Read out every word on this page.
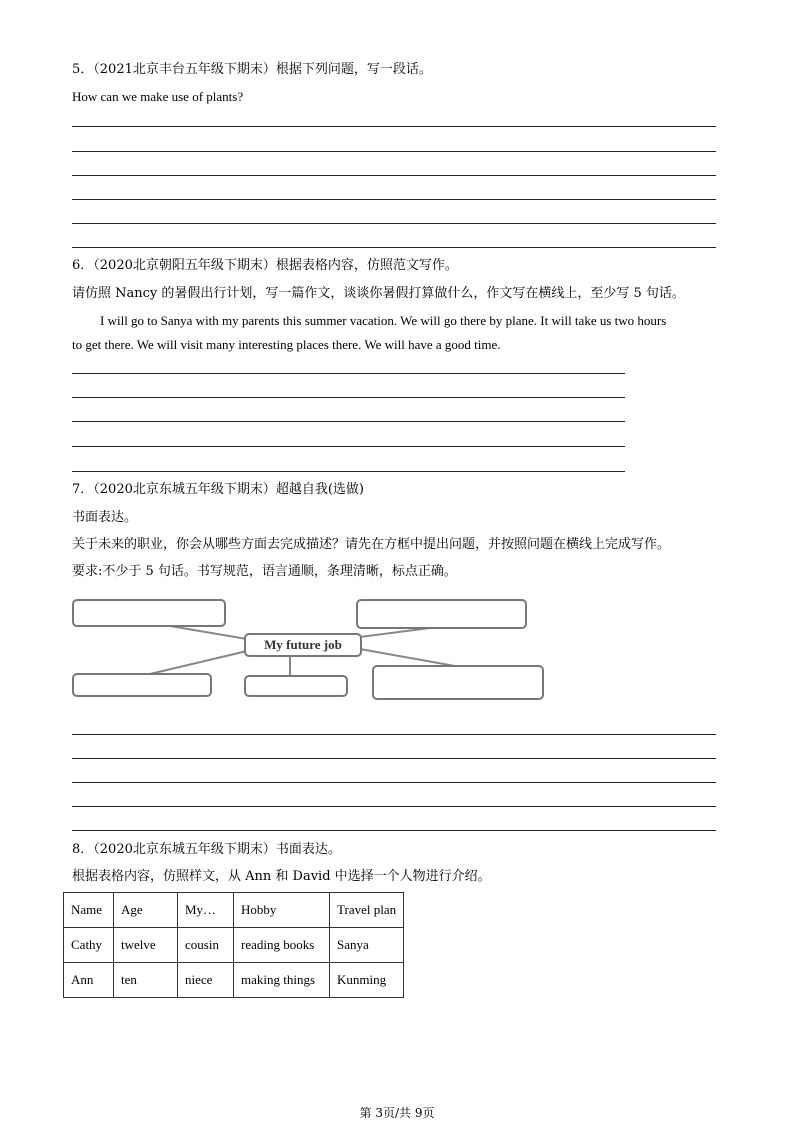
5．（2021北京丰台五年级下期末）根据下列问题，写一段话。
How can we make use of plants?
6．（2020北京朝阳五年级下期末）根据表格内容，仿照范文写作。
请仿照 Nancy 的暑假出行计划，写一篇作文，谈谈你暑假打算做什么，作文写在横线上，至少写 5 句话。
I will go to Sanya with my parents this summer vacation. We will go there by plane. It will take us two hours
to get there. We will visit many interesting places there. We will have a good time.
7．（2020北京东城五年级下期末）超越自我(选做)
书面表达。
关于未来的职业，你会从哪些方面去完成描述？请先在方框中提出问题，并按照问题在横线上完成写作。
要求:不少于 5 句话。书写规范，语言通顺，条理清晰，标点正确。
My future job
8．（2020北京东城五年级下期末）书面表达。
根据表格内容，仿照样文，从 Ann 和 David 中选择一个人物进行介绍。
Name	Age	My…	Hobby	Travel plan
Cathy	twelve	cousin	reading books	Sanya
Ann	ten	niece	making things	Kunming
第 3页/共 9页
